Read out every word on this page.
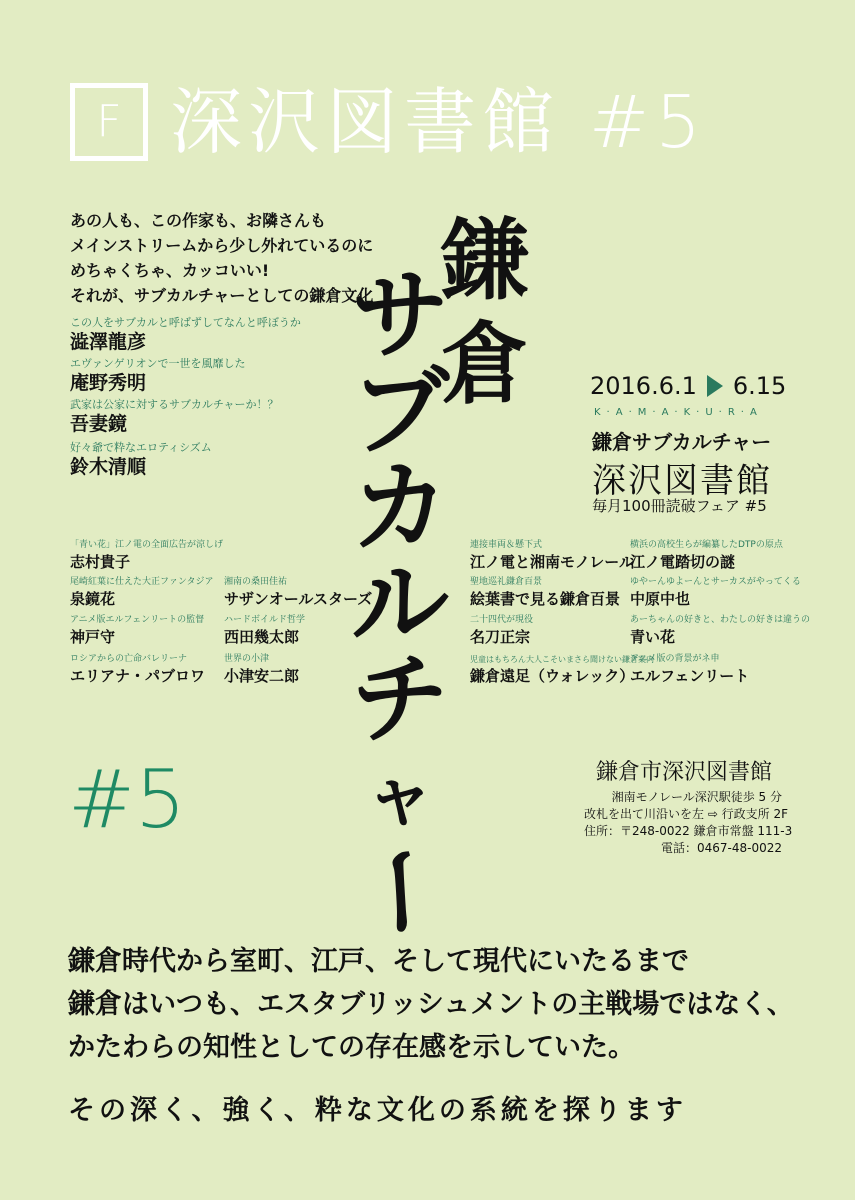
F 深沢図書館 #5
あの人も、この作家も、お隣さんも
メインストリームから少し外れているのに
めちゃくちゃ、カッコいい!
それが、サブカルチャーとしての鎌倉文化
この人をサブカルと呼ばずしてなんと呼ぼうか
澁澤龍彦
エヴァンゲリオンで一世を風靡した
庵野秀明
武家は公家に対するサブカルチャーか！？
吾妻鏡
好々爺で粋なエロティシズム
鈴木清順
「青い花」江ノ電の全面広告が涼しげ
志村貴子
尾崎紅葉に仕えた大正ファンタジア
泉鏡花
アニメ版エルフェンリートの監督
神戸守
ロシアからの亡命バレリーナ
エリアナ・パブロワ
湘南の桑田佳祐
サザンオールスターズ
ハードボイルド哲学
西田幾太郎
世界の小津
小津安二郎
鎌
倉
サ
ブ
カ
ル
チ
ャ
ー
2016.6.1 6.15
K·A·M·A·K·U·R·A
鎌倉サブカルチャー
深沢図書館
毎月100冊読破フェア #5
連接車両＆懸下式
江ノ電と湘南モノレール
聖地巡礼鎌倉百景
絵葉書で見る鎌倉百景
二十四代が現役
名刀正宗
児童はもちろん大人こそいまさら聞けない鎌倉案内
鎌倉遠足（ウォレック）
横浜の高校生らが編纂したDTPの原点
江ノ電踏切の謎
ゆやーんゆよーんとサーカスがやってくる
中原中也
あーちゃんの好きと、わたしの好きは違うの
青い花
アニメ版の背景がネ申
エルフェンリート
#5	鎌倉市深沢図書館
湘南モノレール深沢駅徒歩 5 分
改札を出て川沿いを左 ⇨ 行政支所 2F
住所：〒248-0022 鎌倉市常盤 111-3
電話：0467-48-0022
鎌倉時代から室町、江戸、そして現代にいたるまで
鎌倉はいつも、エスタブリッシュメントの主戦場ではなく、
かたわらの知性としての存在感を示していた。
その深く、強く、粋な文化の系統を探ります
